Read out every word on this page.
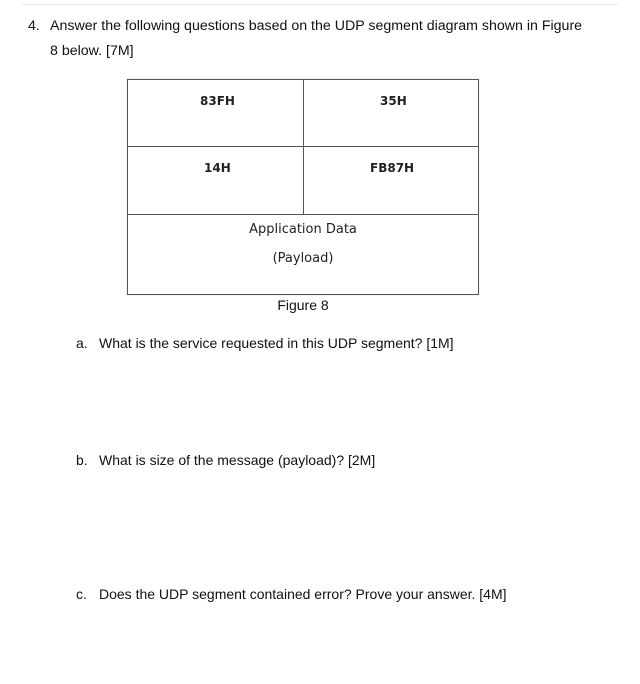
4. Answer the following questions based on the UDP segment diagram shown in Figure
8 below. [7M]
83FH	35H
14H	FB87H
Application Data
(Payload)
Figure 8
a. What is the service requested in this UDP segment? [1M]
b. What is size of the message (payload)? [2M]
c. Does the UDP segment contained error? Prove your answer. [4M]
